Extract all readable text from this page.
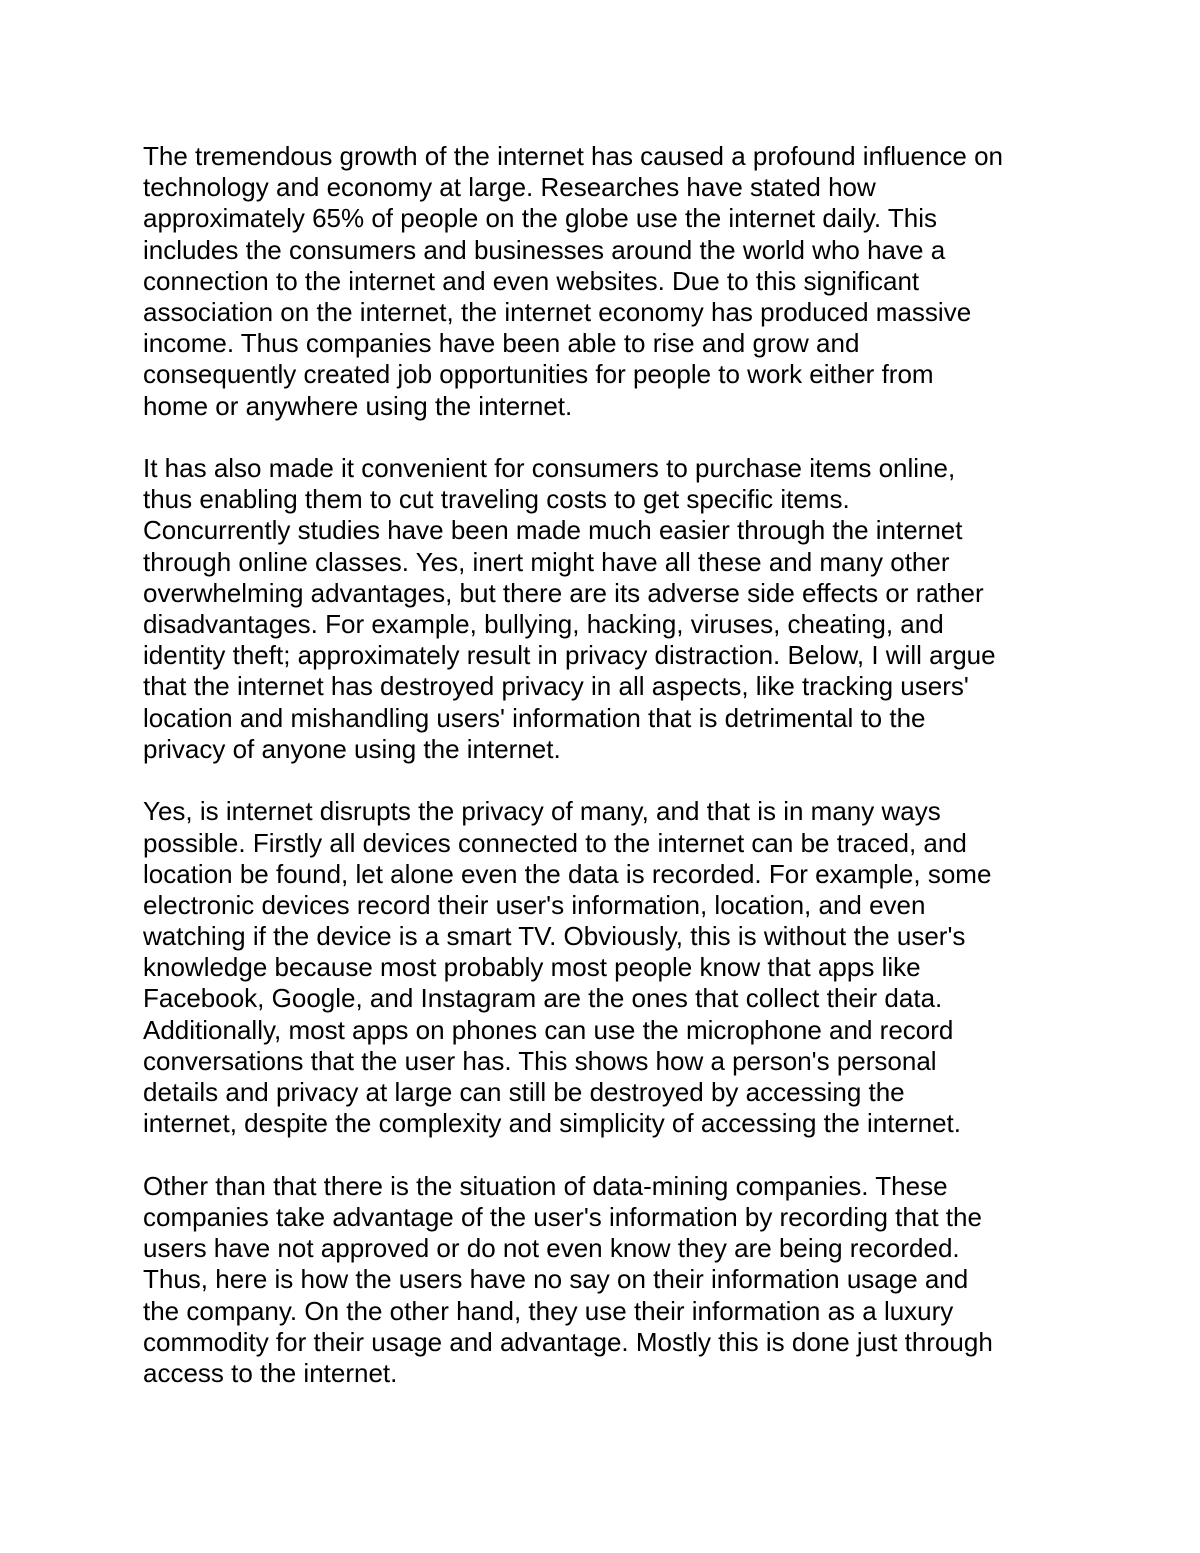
The tremendous growth of the internet has caused a profound influence on
technology and economy at large. Researches have stated how
approximately 65% of people on the globe use the internet daily. This
includes the consumers and businesses around the world who have a
connection to the internet and even websites. Due to this significant
association on the internet, the internet economy has produced massive
income. Thus companies have been able to rise and grow and
consequently created job opportunities for people to work either from
home or anywhere using the internet.
It has also made it convenient for consumers to purchase items online,
thus enabling them to cut traveling costs to get specific items.
Concurrently studies have been made much easier through the internet
through online classes. Yes, inert might have all these and many other
overwhelming advantages, but there are its adverse side effects or rather
disadvantages. For example, bullying, hacking, viruses, cheating, and
identity theft; approximately result in privacy distraction. Below, I will argue
that the internet has destroyed privacy in all aspects, like tracking users'
location and mishandling users' information that is detrimental to the
privacy of anyone using the internet.
Yes, is internet disrupts the privacy of many, and that is in many ways
possible. Firstly all devices connected to the internet can be traced, and
location be found, let alone even the data is recorded. For example, some
electronic devices record their user's information, location, and even
watching if the device is a smart TV. Obviously, this is without the user's
knowledge because most probably most people know that apps like
Facebook, Google, and Instagram are the ones that collect their data.
Additionally, most apps on phones can use the microphone and record
conversations that the user has. This shows how a person's personal
details and privacy at large can still be destroyed by accessing the
internet, despite the complexity and simplicity of accessing the internet.
Other than that there is the situation of data-mining companies. These
companies take advantage of the user's information by recording that the
users have not approved or do not even know they are being recorded.
Thus, here is how the users have no say on their information usage and
the company. On the other hand, they use their information as a luxury
commodity for their usage and advantage. Mostly this is done just through
access to the internet.
